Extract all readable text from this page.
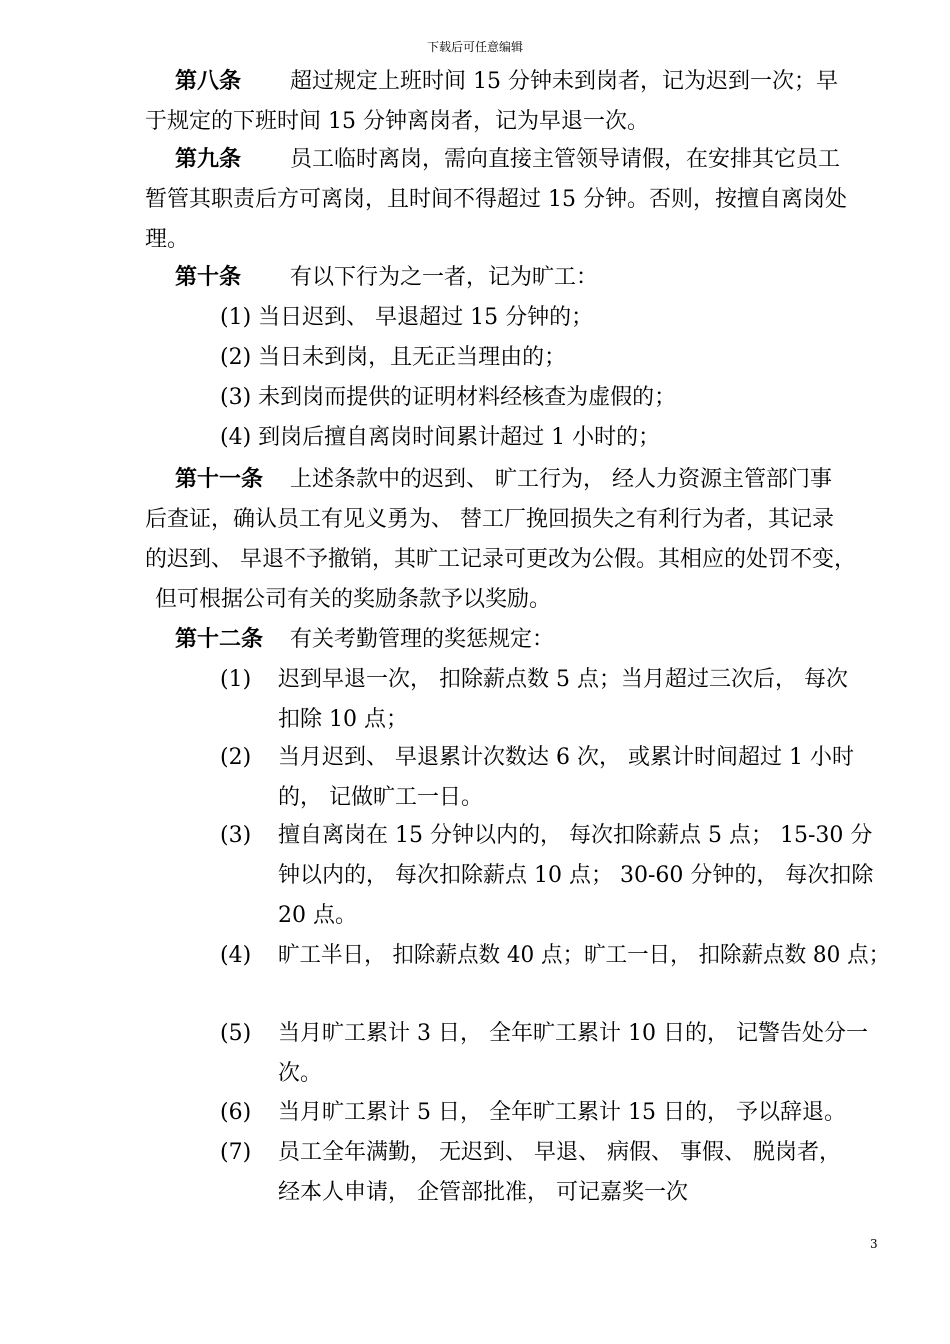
下载后可任意编辑
第八条 超过规定上班时间 15 分钟未到岗者，记为迟到一次；早
于规定的下班时间 15 分钟离岗者，记为早退一次。
第九条 员工临时离岗，需向直接主管领导请假，在安排其它员工
暂管其职责后方可离岗，且时间不得超过 15 分钟。否则，按擅自离岗处
理。
第十条 有以下行为之一者，记为旷工：
(1) 当日迟到、 早退超过 15 分钟的；
(2) 当日未到岗，且无正当理由的；
(3) 未到岗而提供的证明材料经核查为虚假的；
(4) 到岗后擅自离岗时间累计超过 1 小时的；
第十一条 上述条款中的迟到、 旷工行为， 经人力资源主管部门事
后查证，确认员工有见义勇为、 替工厂挽回损失之有利行为者，其记录
的迟到、 早退不予撤销，其旷工记录可更改为公假。其相应的处罚不变，
但可根据公司有关的奖励条款予以奖励。
第十二条 有关考勤管理的奖惩规定：
(1) 迟到早退一次， 扣除薪点数 5 点；当月超过三次后， 每次
扣除 10 点；
(2) 当月迟到、 早退累计次数达 6 次， 或累计时间超过 1 小时
的， 记做旷工一日。
(3) 擅自离岗在 15 分钟以内的， 每次扣除薪点 5 点； 15-30 分
钟以内的， 每次扣除薪点 10 点； 30-60 分钟的， 每次扣除
20 点。
(4) 旷工半日， 扣除薪点数 40 点；旷工一日， 扣除薪点数 80 点；
(5) 当月旷工累计 3 日， 全年旷工累计 10 日的， 记警告处分一
次。
(6) 当月旷工累计 5 日， 全年旷工累计 15 日的， 予以辞退。
(7) 员工全年满勤， 无迟到、 早退、 病假、 事假、 脱岗者，
经本人申请， 企管部批准， 可记嘉奖一次
3
